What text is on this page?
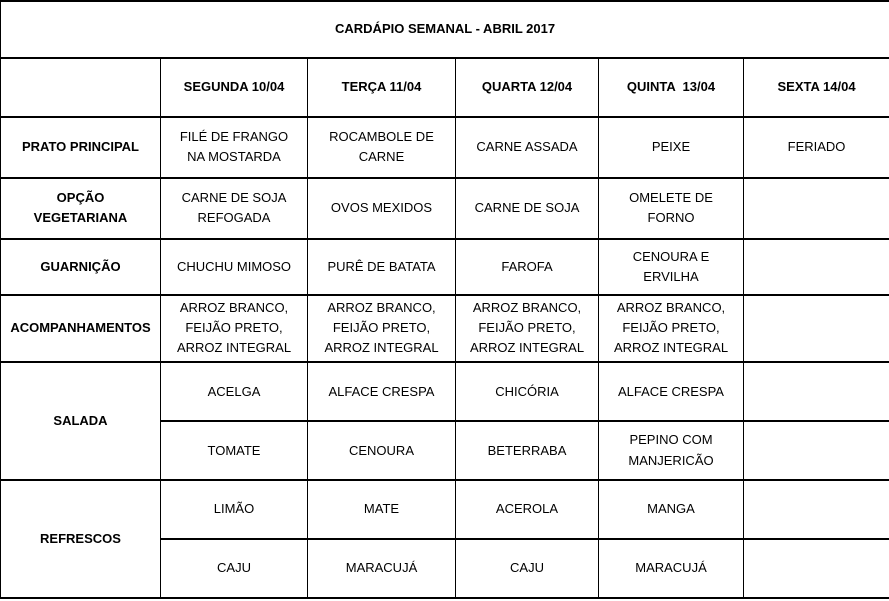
CARDÁPIO SEMANAL - ABRIL 2017					
	SEGUNDA 10/04	TERÇA 11/04	QUARTA 12/04	QUINTA  13/04	SEXTA 14/04
PRATO PRINCIPAL	FILÉ DE FRANGO NA MOSTARDA	ROCAMBOLE DE CARNE	CARNE ASSADA	PEIXE	FERIADO
OPÇÃO VEGETARIANA	CARNE DE SOJA REFOGADA	OVOS MEXIDOS	CARNE DE SOJA	OMELETE DE FORNO	
GUARNIÇÃO	CHUCHU MIMOSO	PURÊ DE BATATA	FAROFA	CENOURA E ERVILHA	
ACOMPANHAMENTOS	ARROZ BRANCO, FEIJÃO PRETO, ARROZ INTEGRAL	ARROZ BRANCO, FEIJÃO PRETO, ARROZ INTEGRAL	ARROZ BRANCO, FEIJÃO PRETO, ARROZ INTEGRAL	ARROZ BRANCO, FEIJÃO PRETO, ARROZ INTEGRAL	
SALADA	ACELGA	ALFACE CRESPA	CHICÓRIA	ALFACE CRESPA	
	TOMATE	CENOURA	BETERRABA	PEPINO COM MANJERICÃO	
REFRESCOS	LIMÃO	MATE	ACEROLA	MANGA	
	CAJU	MARACUJÁ	CAJU	MARACUJÁ	
